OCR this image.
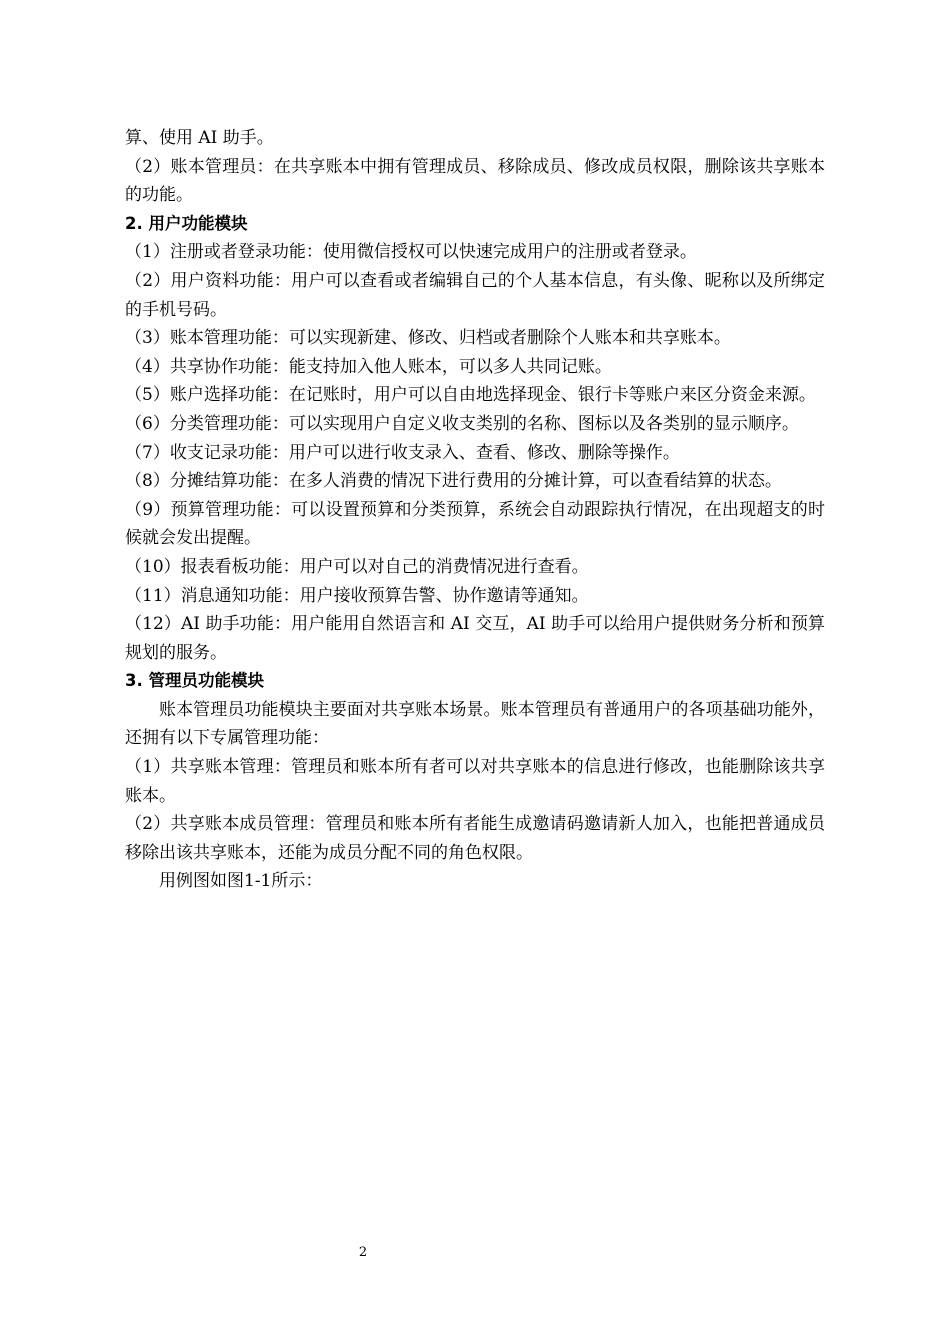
算、使用 AI 助手。

（2）账本管理员：在共享账本中拥有管理成员、移除成员、修改成员权限，删除该共享账本的功能。

2. 用户功能模块

（1）注册或者登录功能：使用微信授权可以快速完成用户的注册或者登录。

（2）用户资料功能：用户可以查看或者编辑自己的个人基本信息，有头像、昵称以及所绑定的手机号码。

（3）账本管理功能：可以实现新建、修改、归档或者删除个人账本和共享账本。

（4）共享协作功能：能支持加入他人账本，可以多人共同记账。

（5）账户选择功能：在记账时，用户可以自由地选择现金、银行卡等账户来区分资金来源。

（6）分类管理功能：可以实现用户自定义收支类别的名称、图标以及各类别的显示顺序。

（7）收支记录功能：用户可以进行收支录入、查看、修改、删除等操作。

（8）分摊结算功能：在多人消费的情况下进行费用的分摊计算，可以查看结算的状态。

（9）预算管理功能：可以设置预算和分类预算，系统会自动跟踪执行情况，在出现超支的时候就会发出提醒。

（10）报表看板功能：用户可以对自己的消费情况进行查看。

（11）消息通知功能：用户接收预算告警、协作邀请等通知。

（12）AI 助手功能：用户能用自然语言和 AI 交互，AI 助手可以给用户提供财务分析和预算规划的服务。

3. 管理员功能模块

账本管理员功能模块主要面对共享账本场景。账本管理员有普通用户的各项基础功能外，还拥有以下专属管理功能：

（1）共享账本管理：管理员和账本所有者可以对共享账本的信息进行修改，也能删除该共享账本。

（2）共享账本成员管理：管理员和账本所有者能生成邀请码邀请新人加入，也能把普通成员移除出该共享账本，还能为成员分配不同的角色权限。

用例图如图1-1所示：

2
